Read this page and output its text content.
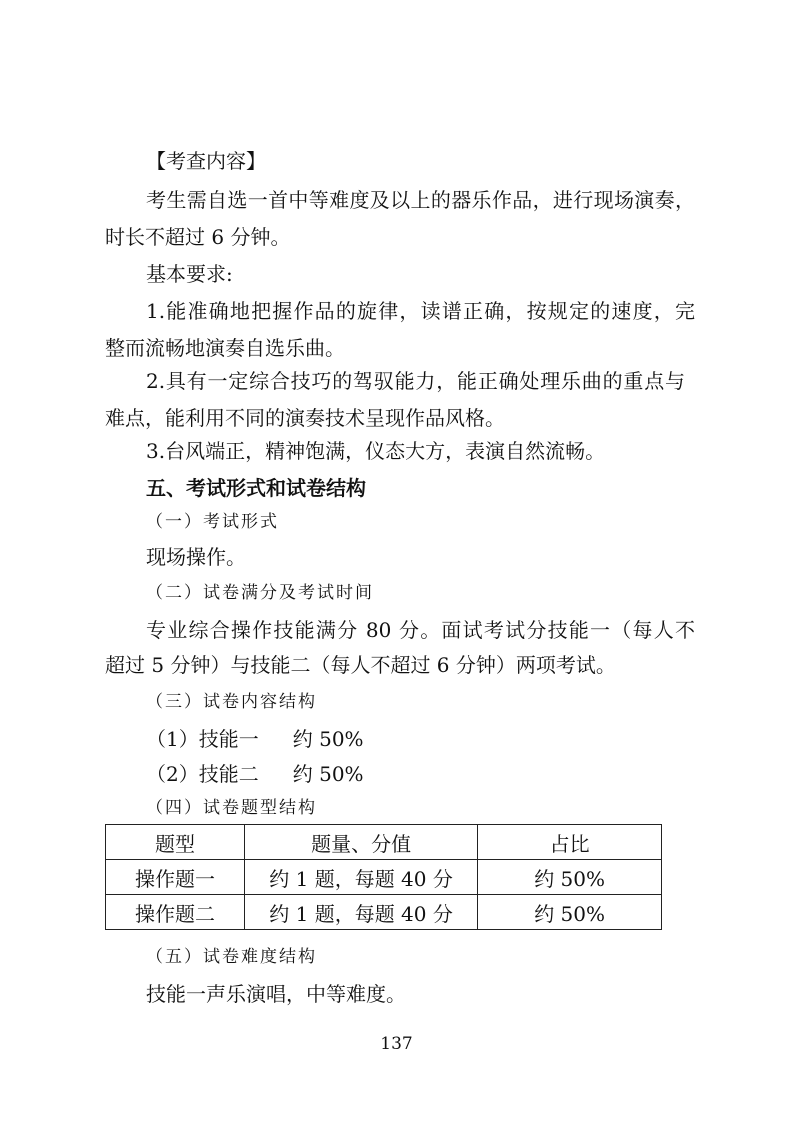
【考查内容】
考生需自选一首中等难度及以上的器乐作品，进行现场演奏，
时长不超过 6 分钟。
基本要求:
1.能准确地把握作品的旋律，读谱正确，按规定的速度，完
整而流畅地演奏自选乐曲。
2.具有一定综合技巧的驾驭能力，能正确处理乐曲的重点与
难点，能利用不同的演奏技术呈现作品风格。
3.台风端正，精神饱满，仪态大方，表演自然流畅。
五、考试形式和试卷结构
（一）考试形式
现场操作。
（二）试卷满分及考试时间
专业综合操作技能满分 80 分。面试考试分技能一（每人不
超过 5 分钟）与技能二（每人不超过 6 分钟）两项考试。
（三）试卷内容结构
（1）技能一 约 50%
（2）技能二 约 50%
（四）试卷题型结构
题型	题量、分值	占比
操作题一	约 1 题，每题 40 分	约 50%
操作题二	约 1 题，每题 40 分	约 50%
（五）试卷难度结构
技能一声乐演唱，中等难度。
137
